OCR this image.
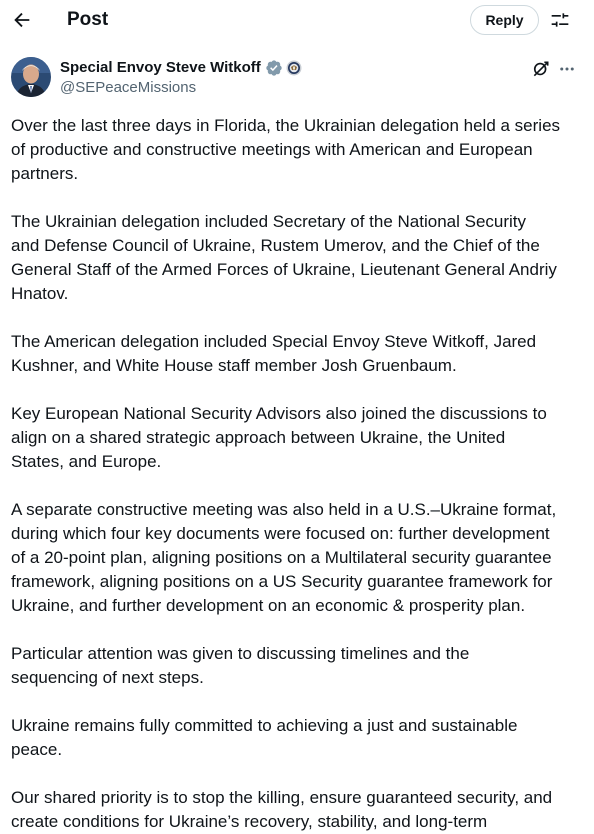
Post	Reply
Special Envoy Steve Witkoff
@SEPeaceMissions

Over the last three days in Florida, the Ukrainian delegation held a series
of productive and constructive meetings with American and European
partners.

The Ukrainian delegation included Secretary of the National Security
and Defense Council of Ukraine, Rustem Umerov, and the Chief of the
General Staff of the Armed Forces of Ukraine, Lieutenant General Andriy
Hnatov.

The American delegation included Special Envoy Steve Witkoff, Jared
Kushner, and White House staff member Josh Gruenbaum.

Key European National Security Advisors also joined the discussions to
align on a shared strategic approach between Ukraine, the United
States, and Europe.

A separate constructive meeting was also held in a U.S.–Ukraine format,
during which four key documents were focused on: further development
of a 20-point plan, aligning positions on a Multilateral security guarantee
framework, aligning positions on a US Security guarantee framework for
Ukraine, and further development on an economic & prosperity plan.

Particular attention was given to discussing timelines and the
sequencing of next steps.

Ukraine remains fully committed to achieving a just and sustainable
peace.

Our shared priority is to stop the killing, ensure guaranteed security, and
create conditions for Ukraine’s recovery, stability, and long-term
